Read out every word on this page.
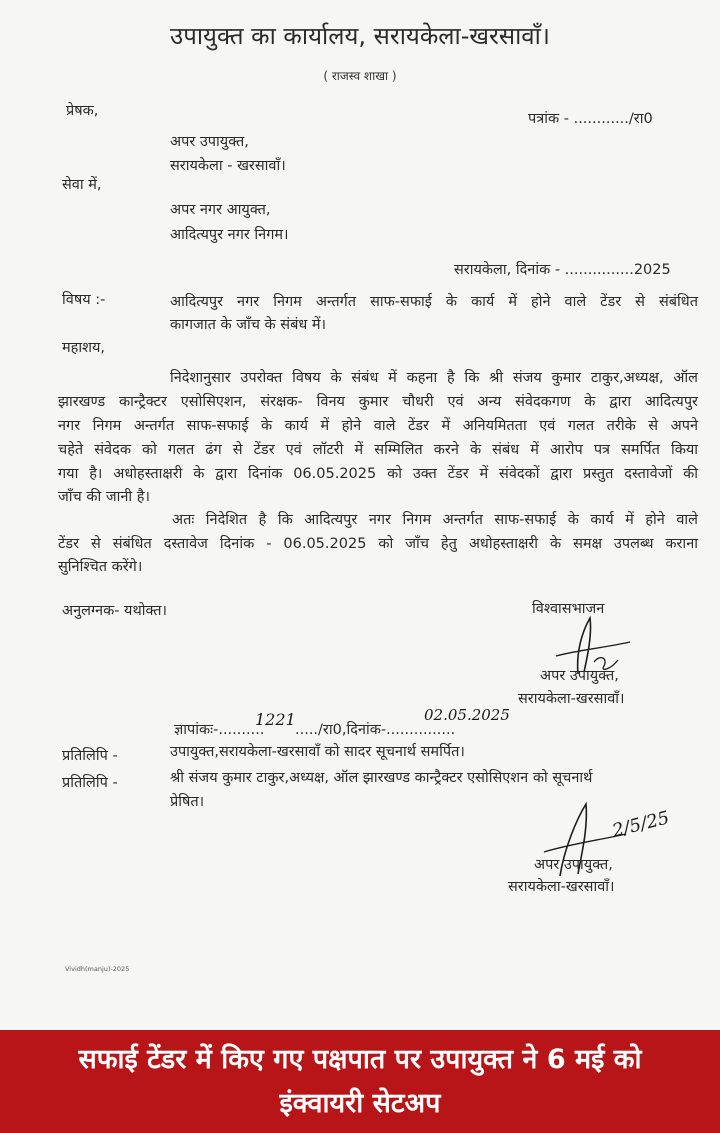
उपायुक्त का कार्यालय, सरायकेला-खरसावाँ।
( राजस्व शाखा )
प्रेषक,	पत्रांक - ............/रा0
अपर उपायुक्त,
सरायकेला - खरसावाँ।
सेवा में,
अपर नगर आयुक्त,
आदित्यपुर नगर निगम।
सरायकेला, दिनांक - ...............2025
विषय :-	आदित्यपुर नगर निगम अन्तर्गत साफ-सफाई के कार्य में होने वाले टेंडर से संबंधित
कागजात के जाँच के संबंध में।
महाशय,
निदेशानुसार उपरोक्त विषय के संबंध में कहना है कि श्री संजय कुमार टाकुर,अध्यक्ष, ऑल
झारखण्ड कान्ट्रैक्टर एसोसिएशन, संरक्षक- विनय कुमार चौधरी एवं अन्य संवेदकगण के द्वारा आदित्यपुर
नगर निगम अन्तर्गत साफ-सफाई के कार्य में होने वाले टेंडर में अनियमितता एवं गलत तरीके से अपने
चहेते संवेदक को गलत ढंग से टेंडर एवं लॉटरी में सम्मिलित करने के संबंध में आरोप पत्र समर्पित किया
गया है। अधोहस्ताक्षरी के द्वारा दिनांक 06.05.2025 को उक्त टेंडर में संवेदकों द्वारा प्रस्तुत दस्तावेजों की
जाँच की जानी है।
अतः निदेशित है कि आदित्यपुर नगर निगम अन्तर्गत साफ-सफाई के कार्य में होने वाले
टेंडर से संबंधित दस्तावेज दिनांक - 06.05.2025 को जाँच हेतु अधोहस्ताक्षरी के समक्ष उपलब्ध कराना
सुनिश्चित करेंगे।
अनुलग्नक- यथोक्त।	विश्वासभाजन
अपर उपायुक्त,
सरायकेला-खरसावाँ।
ज्ञापांकः-..........
1221
...../रा0,दिनांक-...............
02.05.2025
प्रतिलिपि -	उपायुक्त,सरायकेला-खरसावाँ को सादर सूचनार्थ समर्पित।
प्रतिलिपि -	श्री संजय कुमार टाकुर,अध्यक्ष, ऑल झारखण्ड कान्ट्रैक्टर एसोसिएशन को सूचनार्थ
प्रेषित।
2/5/25
अपर उपायुक्त,
सरायकेला-खरसावाँ।
Vividh(manju)-2025
सफाई टेंडर में किए गए पक्षपात पर उपायुक्त ने 6 मई को
इंक्वायरी सेटअप
